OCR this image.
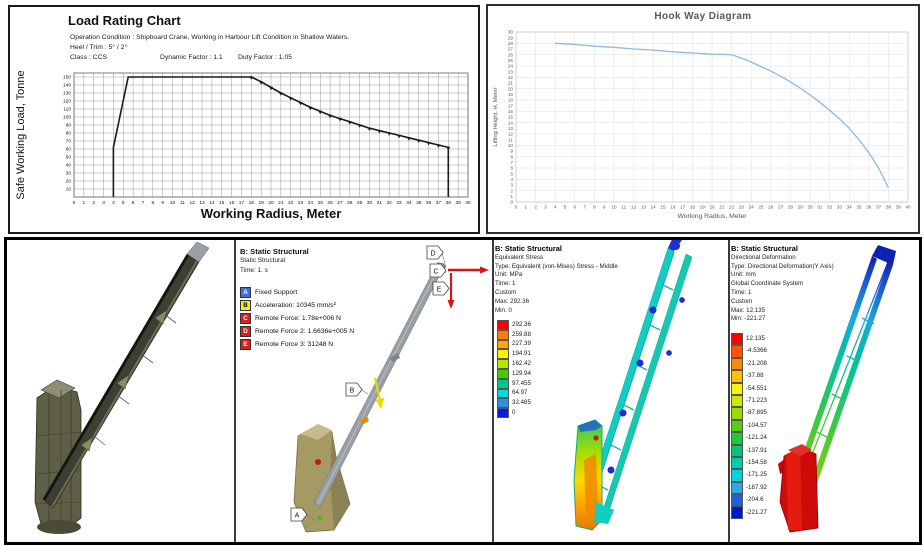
Load Rating Chart
Operation Condition : Shipboard Crane, Working in Harbour Lift Condition in Shallow Waters.
Heel / Trim : 5° / 2°
Class : CCS	Dynamic Factor : 1.1 Duty Factor : 1.05
0 1 2 3 4 5 6 7 8 9 10 11 12 13 14 15 16 17 18 19 20 21 22 23 24 25 26 27 28 29 30 31 32 33 34 35 36 37 38 39 40
10
20
30
40
50
60
70
80
90
100
110
120
130
140
150
Working Radius, Meter
Safe Working Load, Tonne
Hook Way Diagram
0 1 2 3 4 5 6 7 8 9 10 11 12 13 14 15 16 17 18 19 20 21 22 23 24 25 26 27 28 29 30 31 32 33 34 35 36 37 38 39 40
0
1
2
3
4
5
6
7
8
9
10
11
12
13
14
15
16
17
18
19
20
21
22
23
24
25
26
27
28
29
30
Working Radius, Meter
Lifting Height, H, Meter
D
C
E
B
A
B: Static Structural
Static Structural
Time: 1. s
A	Fixed Support
B	Acceleration: 10345 mm/s²
C	Remote Force: 1.78e+006 N
D	Remote Force 2: 1.6636e+005 N
E	Remote Force 3: 31248 N
B: Static Structural
Equivalent Stress
Type: Equivalent (von-Mises) Stress - Middle
Unit: MPa
Time: 1
Custom
Max: 292.36
Min: 0
292.36
259.88
227.39
194.91
162.42
129.94
97.455
64.97
32.485
0
B: Static Structural
Directional Deformation
Type: Directional Deformation(Y Axis)
Unit: mm
Global Coordinate System
Time: 1
Custom
Max: 12.135
Min: -221.27
12.135
-4.5366
-21.208
-37.88
-54.551
-71.223
-87.895
-104.57
-121.24
-137.91
-154.58
-171.25
-187.92
-204.6
-221.27
